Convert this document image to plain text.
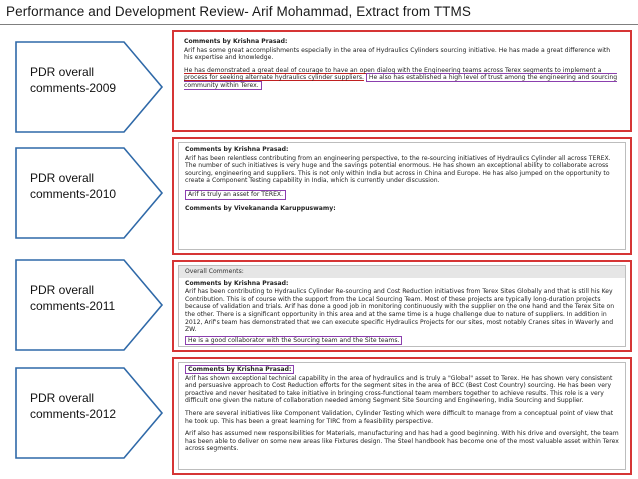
Performance and Development Review- Arif Mohammad, Extract from TTMS
PDR overall comments-2009

Comments by Krishna Prasad:

Arif has some great accomplishments especially in the area of Hydraulics Cylinders sourcing initiative. He has made a great difference with his expertise and knowledge.

He has demonstrated a great deal of courage to have an open dialog with the Engineering teams across Terex segments to implement a process for seeking alternate hydraulics cylinder suppliers. He also has established a high level of trust among the engineering and sourcing community within Terex.

PDR overall comments-2010

Comments by Krishna Prasad:

Arif has been relentless contributing from an engineering perspective, to the re-sourcing initiatives of Hydraulics Cylinder all across TEREX. The number of such initiatives is very huge and the savings potential enormous. He has shown an exceptional ability to collaborate across sourcing, engineering and suppliers. This is not only within India but across in China and Europe. He has also jumped on the opportunity to create a Component Testing capability in India, which is currently under discussion.

Arif is truly an asset for TEREX.

Comments by Vivekananda Karuppuswamy:

PDR overall comments-2011
Overall Comments:

Comments by Krishna Prasad:

Arif has been contributing to Hydraulics Cylinder Re-sourcing and Cost Reduction initiatives from Terex Sites Globally and that is still his Key Contribution. This is of course with the support from the Local Sourcing Team. Most of these projects are typically long-duration projects because of validation and trials. Arif has done a good job in monitoring continuously with the supplier on the one hand and the Terex Site on the other. There is a significant opportunity in this area and at the same time is a huge challenge due to nature of suppliers. In addition in 2012, Arif's team has demonstrated that we can execute specific Hydraulics Projects for our sites, most notably Cranes sites in Waverly and ZW.

He is a good collaborator with the Sourcing team and the Site teams.

PDR overall comments-2012

Comments by Krishna Prasad:

Arif has shown exceptional technical capability in the area of hydraulics and is truly a "Global" asset to Terex. He has shown very consistent and persuasive approach to Cost Reduction efforts for the segment sites in the area of BCC (Best Cost Country) sourcing. He has been very proactive and never hesitated to take initiative in bringing cross-functional team members together to achieve results. This role is a very difficult one given the nature of collaboration needed among Segment Site Sourcing and Engineering, India Sourcing and Supplier.

There are several initiatives like Component Validation, Cylinder Testing which were difficult to manage from a conceptual point of view that he took up. This has been a great learning for TIRC from a feasibility perspective.

Arif also has assumed new responsibilities for Materials, manufacturing and has had a good beginning. With his drive and oversight, the team has been able to deliver on some new areas like Fixtures design. The Steel handbook has become one of the most valuable asset within Terex across segments.
